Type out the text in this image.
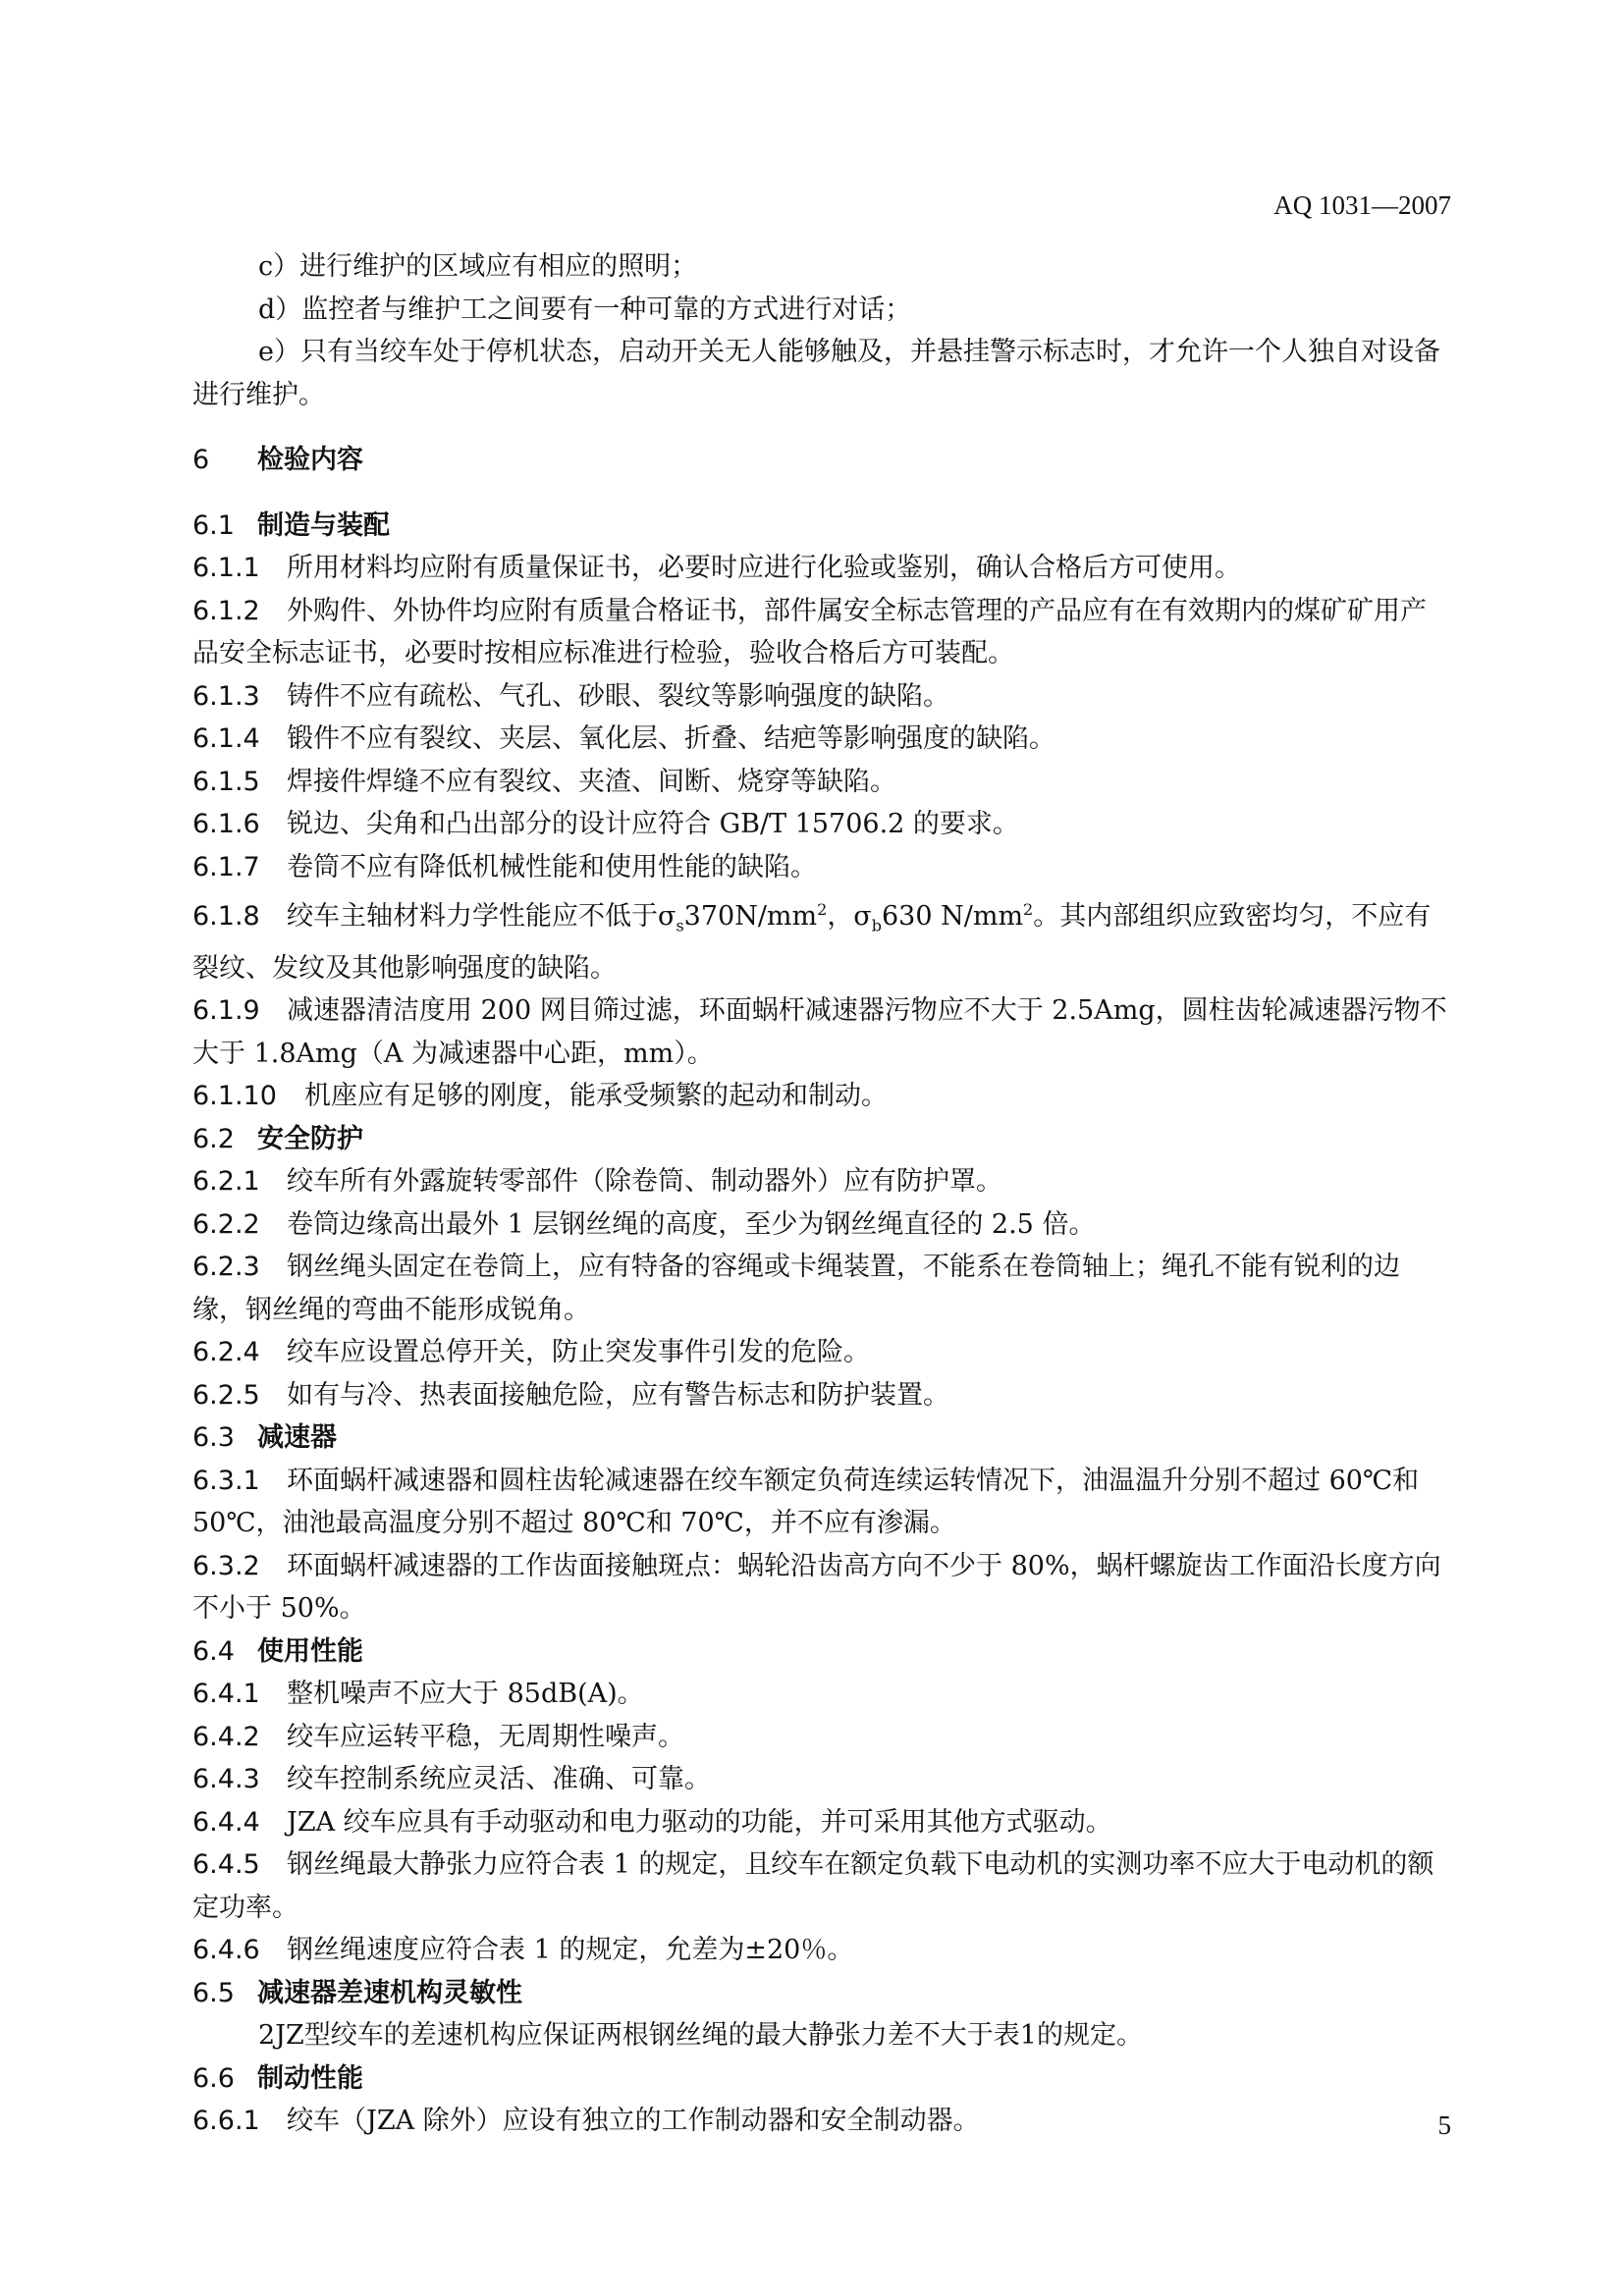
AQ 1031—2007

c）进行维护的区域应有相应的照明；

d）监控者与维护工之间要有一种可靠的方式进行对话；

e）只有当绞车处于停机状态，启动开关无人能够触及，并悬挂警示标志时，才允许一个人独自对设备进行维护。

6 检验内容

6.1 制造与装配

6.1.1 所用材料均应附有质量保证书，必要时应进行化验或鉴别，确认合格后方可使用。

6.1.2 外购件、外协件均应附有质量合格证书，部件属安全标志管理的产品应有在有效期内的煤矿矿用产品安全标志证书，必要时按相应标准进行检验，验收合格后方可装配。

6.1.3 铸件不应有疏松、气孔、砂眼、裂纹等影响强度的缺陷。

6.1.4 锻件不应有裂纹、夹层、氧化层、折叠、结疤等影响强度的缺陷。

6.1.5 焊接件焊缝不应有裂纹、夹渣、间断、烧穿等缺陷。

6.1.6 锐边、尖角和凸出部分的设计应符合 GB/T 15706.2 的要求。

6.1.7 卷筒不应有降低机械性能和使用性能的缺陷。

6.1.8 绞车主轴材料力学性能应不低于$\sigma_s370N/mm^2$，$\sigma_b630$ $N/mm^2$。其内部组织应致密均匀，不应有裂纹、发纹及其他影响强度的缺陷。

6.1.9 减速器清洁度用 200 网目筛过滤，环面蜗杆减速器污物应不大于 2.5Amg，圆柱齿轮减速器污物不大于 1.8Amg（A 为减速器中心距，mm）。

6.1.10 机座应有足够的刚度，能承受频繁的起动和制动。

6.2 安全防护

6.2.1 绞车所有外露旋转零部件（除卷筒、制动器外）应有防护罩。

6.2.2 卷筒边缘高出最外 1 层钢丝绳的高度，至少为钢丝绳直径的 2.5 倍。

6.2.3 钢丝绳头固定在卷筒上，应有特备的容绳或卡绳装置，不能系在卷筒轴上；绳孔不能有锐利的边缘，钢丝绳的弯曲不能形成锐角。

6.2.4 绞车应设置总停开关，防止突发事件引发的危险。

6.2.5 如有与冷、热表面接触危险，应有警告标志和防护装置。

6.3 减速器

6.3.1 环面蜗杆减速器和圆柱齿轮减速器在绞车额定负荷连续运转情况下，油温温升分别不超过 60℃和 50℃，油池最高温度分别不超过 80℃和 70℃，并不应有渗漏。

6.3.2 环面蜗杆减速器的工作齿面接触斑点：蜗轮沿齿高方向不少于 80%，蜗杆螺旋齿工作面沿长度方向不小于 50%。

6.4 使用性能

6.4.1 整机噪声不应大于 85dB(A)。

6.4.2 绞车应运转平稳，无周期性噪声。

6.4.3 绞车控制系统应灵活、准确、可靠。

6.4.4 JZA 绞车应具有手动驱动和电力驱动的功能，并可采用其他方式驱动。

6.4.5 钢丝绳最大静张力应符合表 1 的规定，且绞车在额定负载下电动机的实测功率不应大于电动机的额定功率。

6.4.6 钢丝绳速度应符合表 1 的规定，允差为±20％。

6.5 减速器差速机构灵敏性

2JZ型绞车的差速机构应保证两根钢丝绳的最大静张力差不大于表1的规定。

6.6 制动性能

6.6.1 绞车（JZA 除外）应设有独立的工作制动器和安全制动器。	5
